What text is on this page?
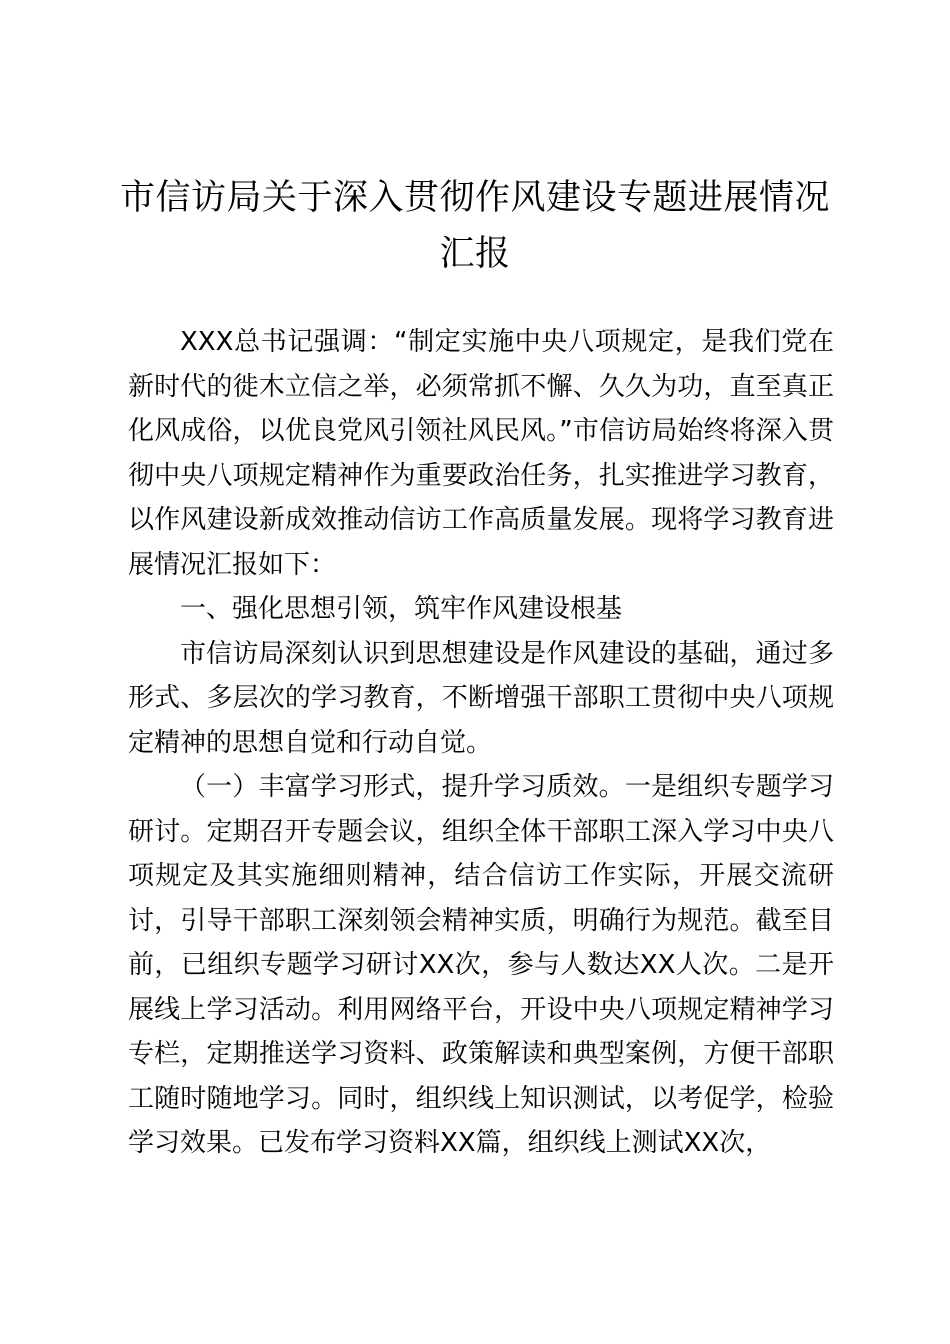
市信访局关于深入贯彻作风建设专题进展情况
汇报

XXX总书记强调：“制定实施中央八项规定，是我们党在新时代的徙木立信之举，必须常抓不懈、久久为功，直至真正化风成俗，以优良党风引领社风民风。”市信访局始终将深入贯彻中央八项规定精神作为重要政治任务，扎实推进学习教育，以作风建设新成效推动信访工作高质量发展。现将学习教育进展情况汇报如下：

一、强化思想引领，筑牢作风建设根基

市信访局深刻认识到思想建设是作风建设的基础，通过多形式、多层次的学习教育，不断增强干部职工贯彻中央八项规定精神的思想自觉和行动自觉。

（一）丰富学习形式，提升学习质效。一是组织专题学习研讨。定期召开专题会议，组织全体干部职工深入学习中央八项规定及其实施细则精神，结合信访工作实际，开展交流研讨，引导干部职工深刻领会精神实质，明确行为规范。截至目前，已组织专题学习研讨XX次，参与人数达XX人次。二是开展线上学习活动。利用网络平台，开设中央八项规定精神学习专栏，定期推送学习资料、政策解读和典型案例，方便干部职工随时随地学习。同时，组织线上知识测试，以考促学，检验学习效果。已发布学习资料XX篇，组织线上测试XX次，
